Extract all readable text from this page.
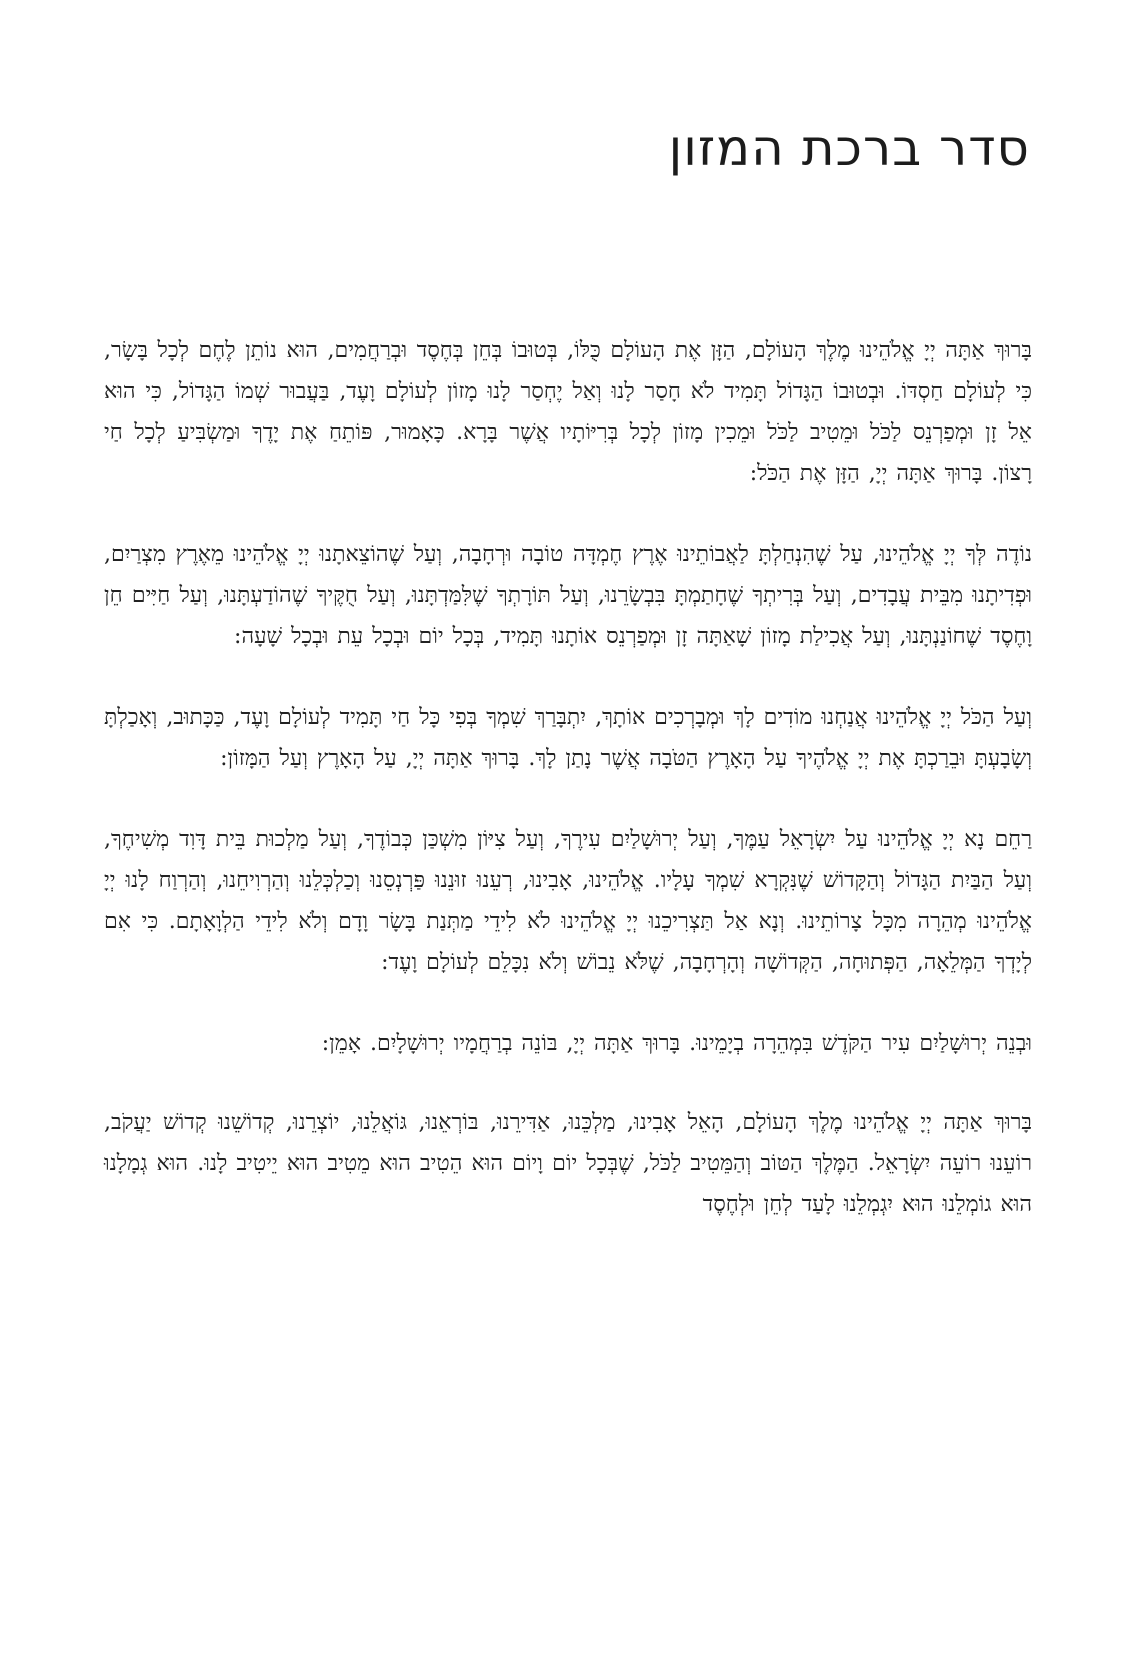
סדר ברכת המזון

בָּרוּךְ אַתָּה יְיָ אֱלֹהֵינוּ מֶלֶךְ הָעוֹלָם, הַזָּן אֶת הָעוֹלָם כֻּלּוֹ, בְּטוּבוֹ בְּחֵן בְּחֶסֶד וּבְרַחֲמִים, הוּא נוֹתֵן לֶחֶם לְכָל בָּשָׂר, כִּי לְעוֹלָם חַסְדּוֹ. וּבְטוּבוֹ הַגָּדוֹל תָּמִיד לֹא חָסַר לָנוּ וְאַל יֶחְסַר לָנוּ מָזוֹן לְעוֹלָם וָעֶד, בַּעֲבוּר שְׁמוֹ הַגָּדוֹל, כִּי הוּא אֵל זָן וּמְפַרְנֵס לַכֹּל וּמֵטִיב לַכֹּל וּמֵכִין מָזוֹן לְכָל בְּרִיּוֹתָיו אֲשֶׁר בָּרָא. כָּאָמוּר, פּוֹתֵחַ אֶת יָדֶךָ וּמַשְׂבִּיעַ לְכָל חַי רָצוֹן. בָּרוּךְ אַתָּה יְיָ, הַזָּן אֶת הַכֹּל:

נוֹדֶה לְּךָ יְיָ אֱלֹהֵינוּ, עַל שֶׁהִנְחַלְתָּ לַאֲבוֹתֵינוּ אֶרֶץ חֶמְדָּה טוֹבָה וּרְחָבָה, וְעַל שֶׁהוֹצֵאתָנוּ יְיָ אֱלֹהֵינוּ מֵאֶרֶץ מִצְרַיִם, וּפְדִיתָנוּ מִבֵּית עֲבָדִים, וְעַל בְּרִיתְךָ שֶׁחָתַמְתָּ בִּבְשָׂרֵנוּ, וְעַל תּוֹרָתְךָ שֶׁלִּמַּדְתָּנוּ, וְעַל חֻקֶּיךָ שֶׁהוֹדַעְתָּנוּ, וְעַל חַיִּים חֵן וָחֶסֶד שֶׁחוֹנַנְתָּנוּ, וְעַל אֲכִילַת מָזוֹן שָׁאַתָּה זָן וּמְפַרְנֵס אוֹתָנוּ תָּמִיד, בְּכָל יוֹם וּבְכָל עֵת וּבְכָל שָׁעָה:

וְעַל הַכֹּל יְיָ אֱלֹהֵינוּ אֲנַחְנוּ מוֹדִים לָךְ וּמְבָרְכִים אוֹתָךְ, יִתְבָּרַךְ שִׁמְךָ בְּפִי כָּל חַי תָּמִיד לְעוֹלָם וָעֶד, כַּכָּתוּב, וְאָכַלְתָּ וְשָׂבָעְתָּ וּבֵרַכְתָּ אֶת יְיָ אֱלֹהֶיךָ עַל הָאָרֶץ הַטֹּבָה אֲשֶׁר נָתַן לָךְ. בָּרוּךְ אַתָּה יְיָ, עַל הָאָרֶץ וְעַל הַמָּזוֹן:

רַחֵם נָא יְיָ אֱלֹהֵינוּ עַל יִשְׂרָאֵל עַמֶּךָ, וְעַל יְרוּשָׁלַיִם עִירֶךָ, וְעַל צִיּוֹן מִשְׁכַּן כְּבוֹדֶךָ, וְעַל מַלְכוּת בֵּית דָּוִד מְשִׁיחֶךָ, וְעַל הַבַּיִת הַגָּדוֹל וְהַקָּדוֹשׁ שֶׁנִּקְרָא שִׁמְךָ עָלָיו. אֱלֹהֵינוּ, אָבִינוּ, רְעֵנוּ זוּנֵנוּ פַּרְנְסֵנוּ וְכַלְכְּלֵנוּ וְהַרְוִיחֵנוּ, וְהַרְוַח לָנוּ יְיָ אֱלֹהֵינוּ מְהֵרָה מִכָּל צָרוֹתֵינוּ. וְנָא אַל תַּצְרִיכֵנוּ יְיָ אֱלֹהֵינוּ לֹא לִידֵי מַתְּנַת בָּשָׂר וָדָם וְלֹא לִידֵי הַלְוָאָתָם. כִּי אִם לְיָדְךָ הַמְּלֵאָה, הַפְּתוּחָה, הַקְּדוֹשָׁה וְהָרְחָבָה, שֶׁלֹּא נֵבוֹשׁ וְלֹא נִכָּלֵם לְעוֹלָם וָעֶד:

וּבְנֵה יְרוּשָׁלַיִם עִיר הַקֹּדֶשׁ בִּמְהֵרָה בְיָמֵינוּ. בָּרוּךְ אַתָּה יְיָ, בּוֹנֵה בְרַחֲמָיו יְרוּשָׁלָיִם. אָמֵן:

בָּרוּךְ אַתָּה יְיָ אֱלֹהֵינוּ מֶלֶךְ הָעוֹלָם, הָאֵל אָבִינוּ, מַלְכֵּנוּ, אַדִּירֵנוּ, בּוֹרְאֵנוּ, גּוֹאֲלֵנוּ, יוֹצְרֵנוּ, קְדוֹשֵׁנוּ קְדוֹשׁ יַעֲקֹב, רוֹעֵנוּ רוֹעֵה יִשְׂרָאֵל. הַמֶּלֶךְ הַטּוֹב וְהַמֵּטִיב לַכֹּל, שֶׁבְּכָל יוֹם וָיוֹם הוּא הֵטִיב הוּא מֵטִיב הוּא יֵיטִיב לָנוּ. הוּא גְמָלָנוּ הוּא גוֹמְלֵנוּ הוּא יִגְמְלֵנוּ לָעַד לְחֵן וּלְחֶסֶד
